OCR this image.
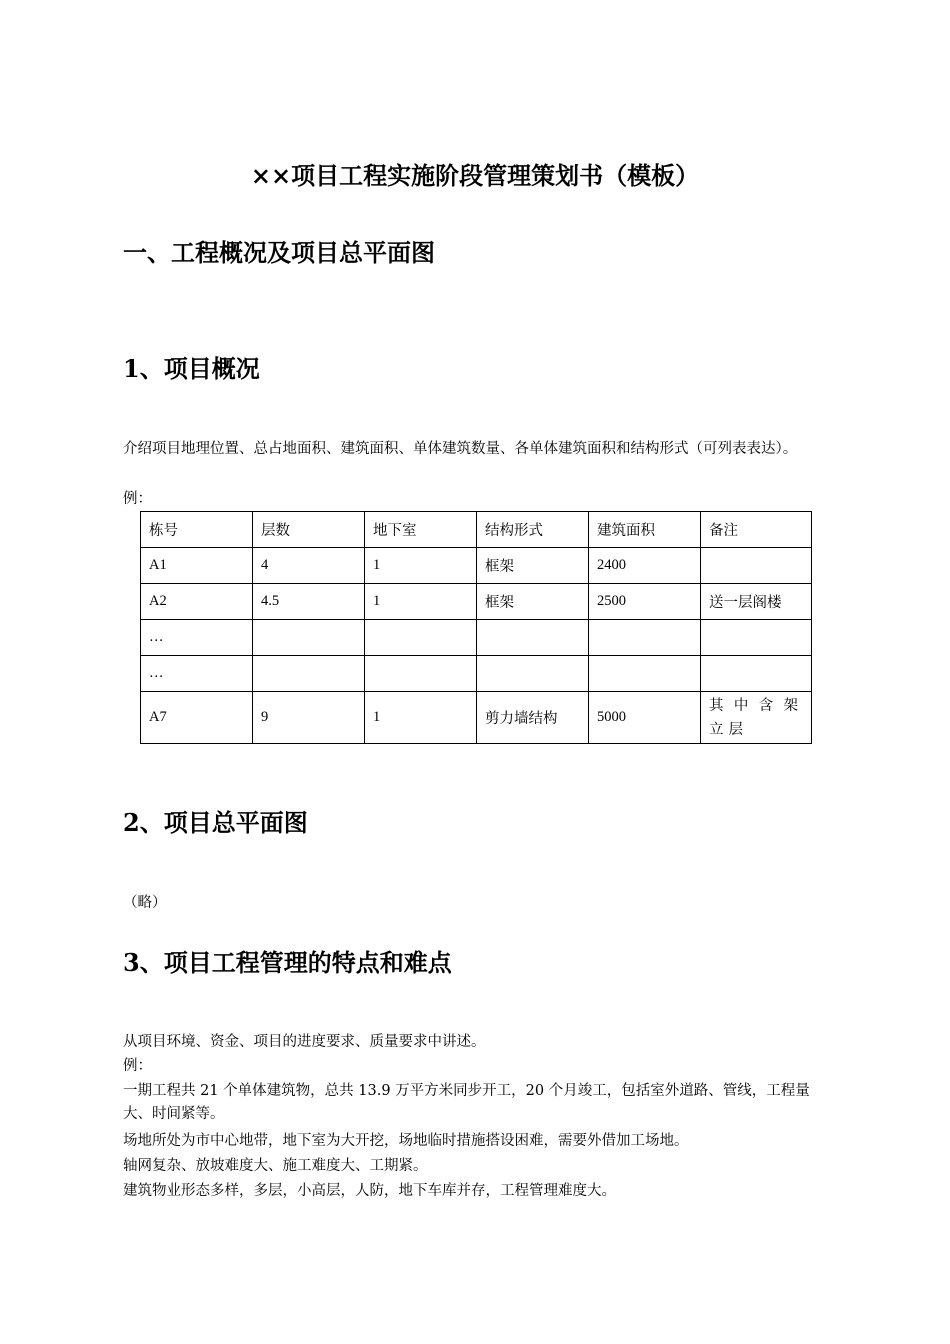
××项目工程实施阶段管理策划书（模板）
一、工程概况及项目总平面图
1、项目概况
介绍项目地理位置、总占地面积、建筑面积、单体建筑数量、各单体建筑面积和结构形式（可列表表达）。
例：
栋号	层数	地下室	结构形式	建筑面积	备注
A1	4	1	框架	2400	
A2	4.5	1	框架	2500	送一层阁楼
…					
…					
A7	9	1	剪力墙结构	5000	其中含架立层
2、项目总平面图
（略）
3、项目工程管理的特点和难点
从项目环境、资金、项目的进度要求、质量要求中讲述。
例：
一期工程共 21 个单体建筑物，总共 13.9 万平方米同步开工，20 个月竣工，包括室外道路、管线，工程量大、时间紧等。
场地所处为市中心地带，地下室为大开挖，场地临时措施搭设困难，需要外借加工场地。
轴网复杂、放坡难度大、施工难度大、工期紧。
建筑物业形态多样，多层，小高层，人防，地下车库并存，工程管理难度大。
